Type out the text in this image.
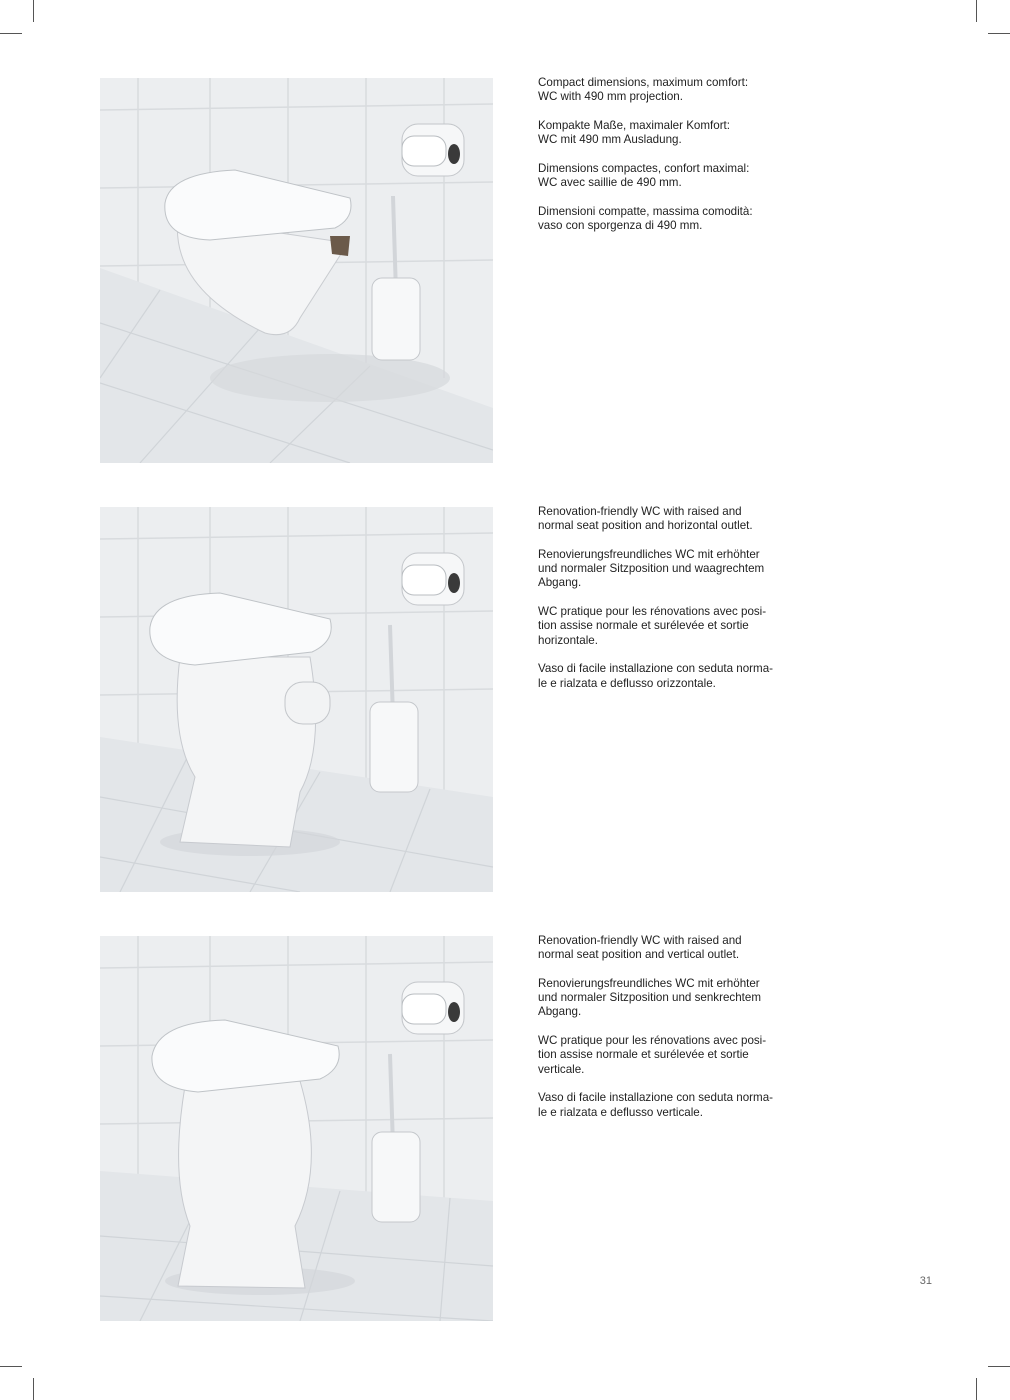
Compact dimensions, maximum comfort:
WC with 490 mm projection.

Kompakte Maße, maximaler Komfort:
WC mit 490 mm Ausladung.

Dimensions compactes, confort maximal:
WC avec saillie de 490 mm.

Dimensioni compatte, massima comodità:
vaso con sporgenza di 490 mm.

Renovation-friendly WC with raised and
normal seat position and horizontal outlet.

Renovierungsfreundliches WC mit erhöhter
und normaler Sitzposition und waagrechtem
Abgang.

WC pratique pour les rénovations avec posi-
tion assise normale et surélevée et sortie
horizontale.

Vaso di facile installazione con seduta norma-
le e rialzata e deflusso orizzontale.

Renovation-friendly WC with raised and
normal seat position and vertical outlet.

Renovierungsfreundliches WC mit erhöhter
und normaler Sitzposition und senkrechtem
Abgang.

WC pratique pour les rénovations avec posi-
tion assise normale et surélevée et sortie
verticale.

Vaso di facile installazione con seduta norma-
le e rialzata e deflusso verticale.

31
